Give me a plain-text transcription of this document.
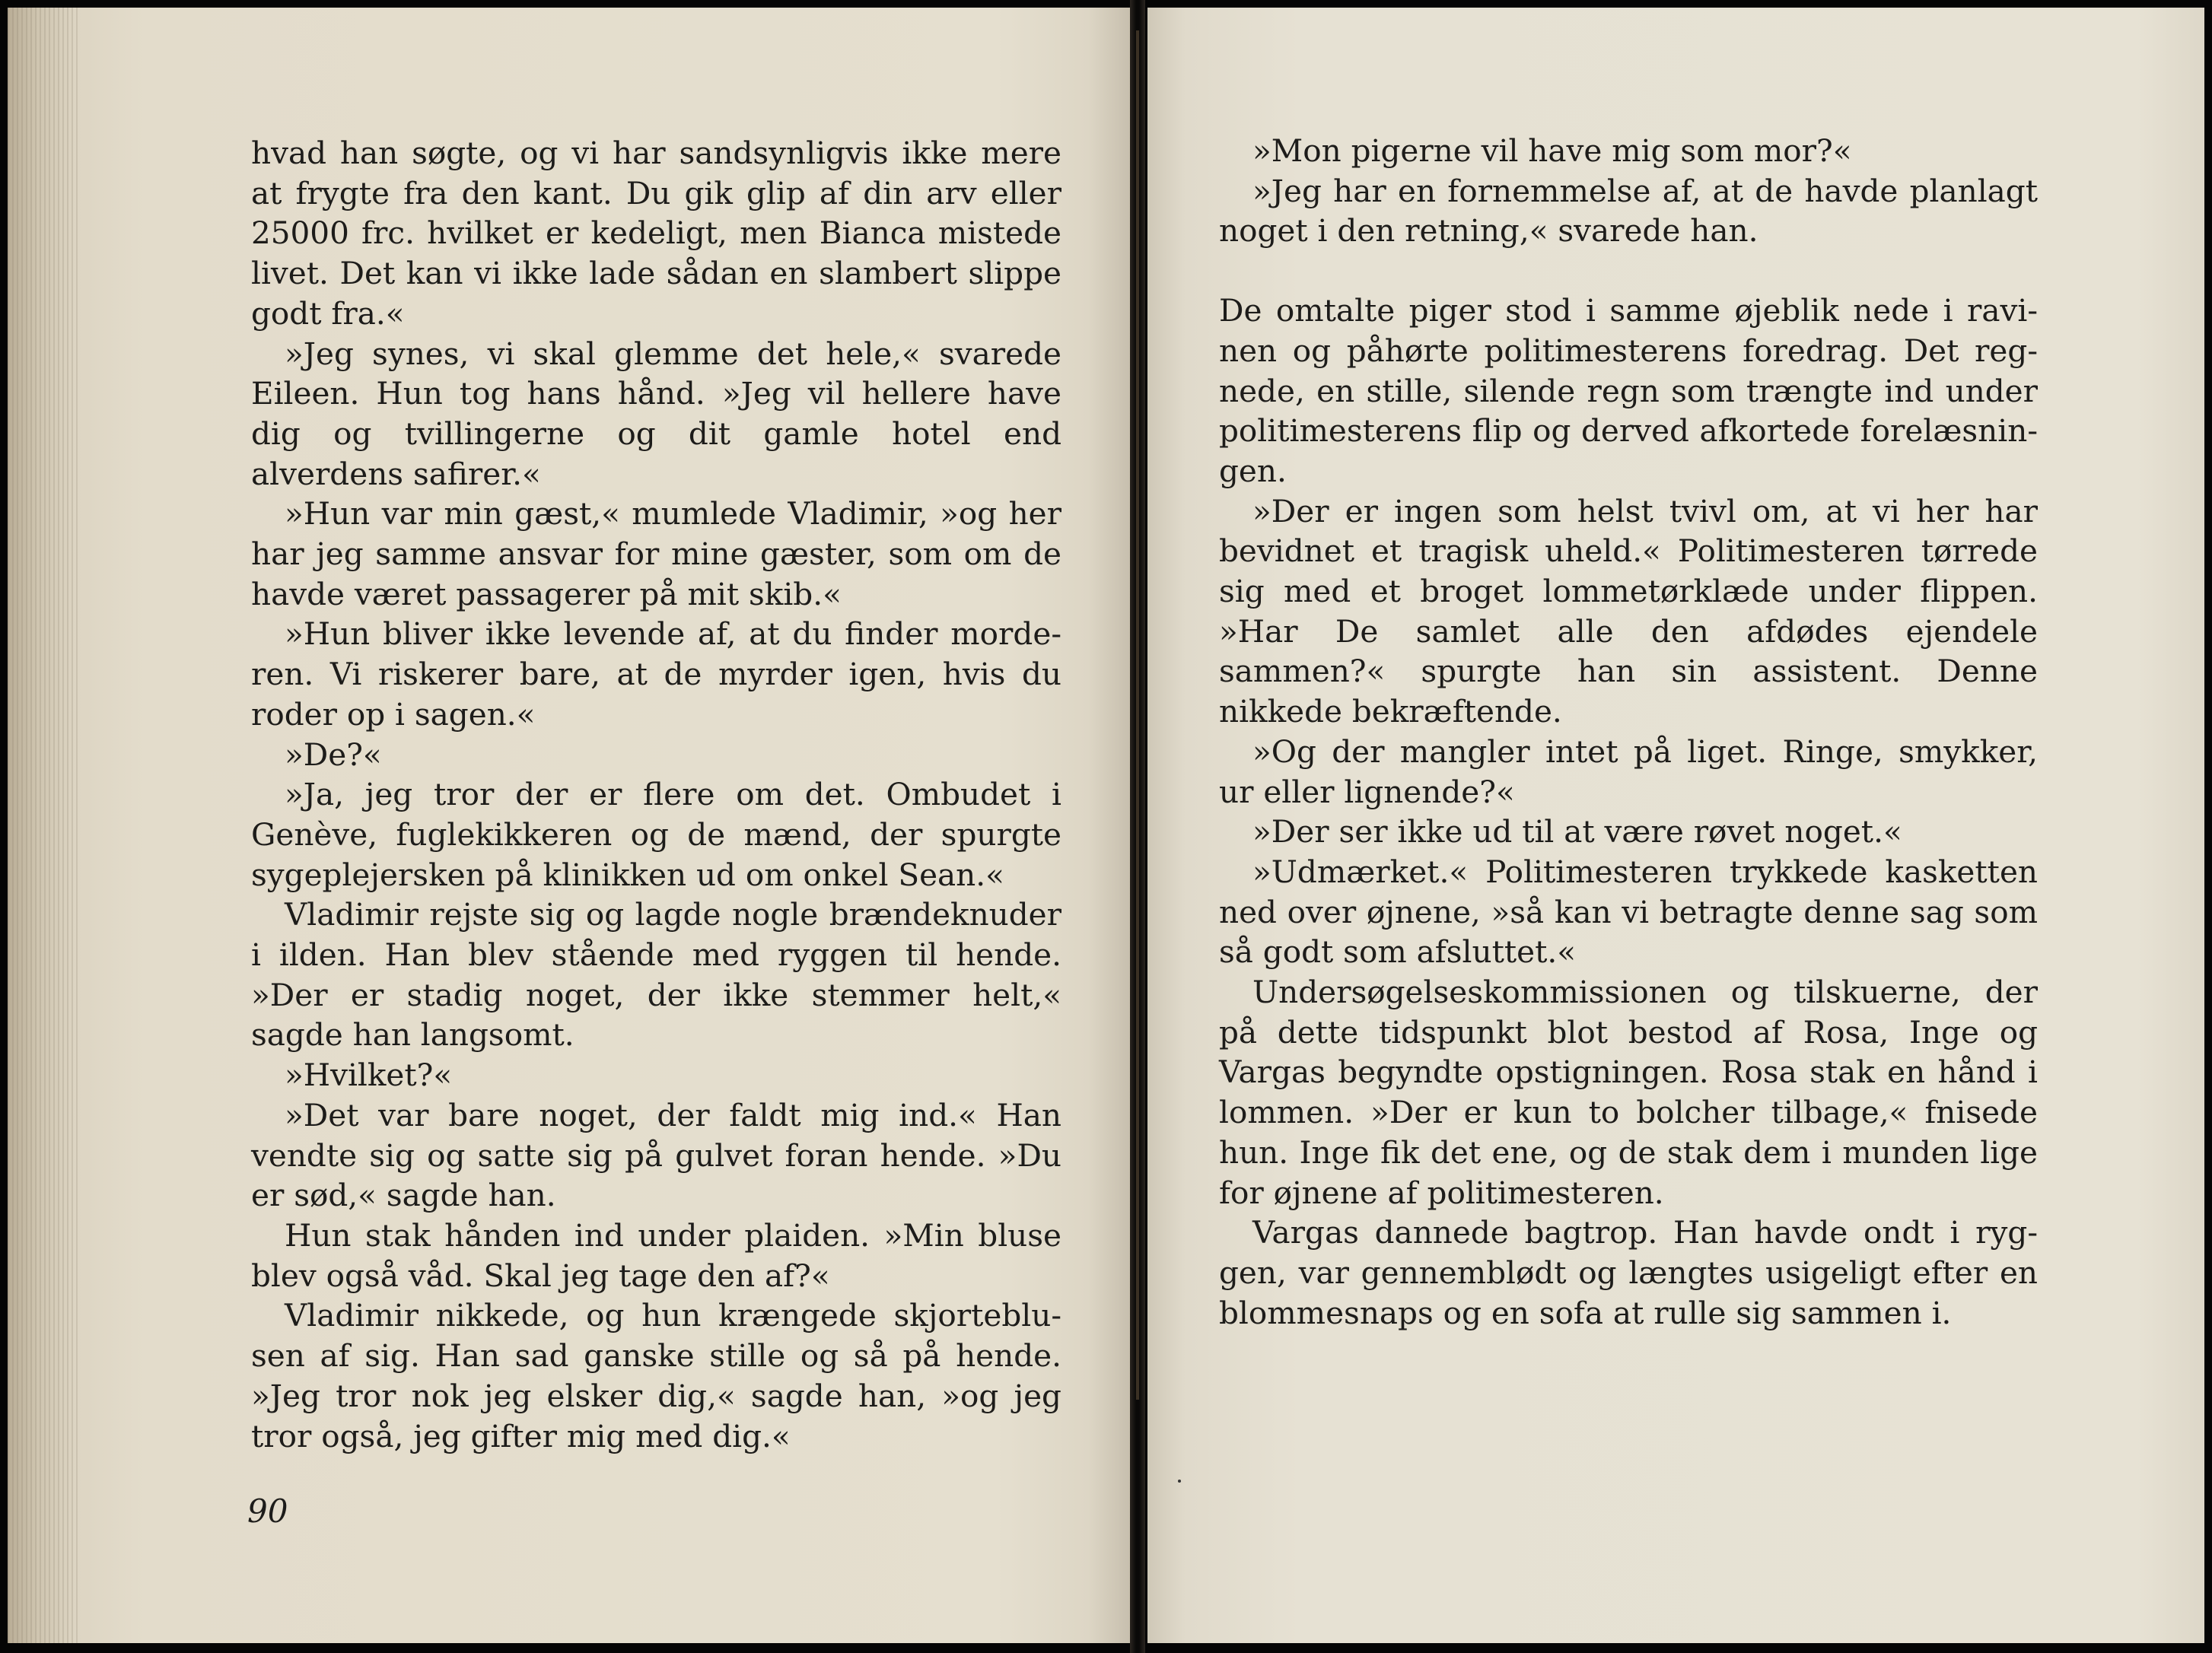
hvad han søgte, og vi har sandsynligvis ikke mere at frygte fra den kant. Du gik glip af din arv eller 25000 frc. hvilket er kedeligt, men Bianca mistede livet. Det kan vi ikke lade sådan en slambert slippe godt fra.«

»Jeg synes, vi skal glemme det hele,« svarede Eileen. Hun tog hans hånd. »Jeg vil hellere have dig og tvillingerne og dit gamle hotel end alverdens safirer.«

»Hun var min gæst,« mumlede Vladimir, »og her har jeg samme ansvar for mine gæster, som om de havde været passagerer på mit skib.«

»Hun bliver ikke levende af, at du finder morderen. Vi riskerer bare, at de myrder igen, hvis du roder op i sagen.«

»De?«

»Ja, jeg tror der er flere om det. Ombudet i Genève, fuglekikkeren og de mænd, der spurgte sygeplejersken på klinikken ud om onkel Sean.«

Vladimir rejste sig og lagde nogle brændeknuder i ilden. Han blev stående med ryggen til hende. »Der er stadig noget, der ikke stemmer helt,« sagde han langsomt.

»Hvilket?«

»Det var bare noget, der faldt mig ind.« Han vendte sig og satte sig på gulvet foran hende. »Du er sød,« sagde han.

Hun stak hånden ind under plaiden. »Min bluse blev også våd. Skal jeg tage den af?«

Vladimir nikkede, og hun krængede skjorteblusen af sig. Han sad ganske stille og så på hende. »Jeg tror nok jeg elsker dig,« sagde han, »og jeg tror også, jeg gifter mig med dig.«

90

»Mon pigerne vil have mig som mor?«

»Jeg har en fornemmelse af, at de havde planlagt noget i den retning,« svarede han.

De omtalte piger stod i samme øjeblik nede i ravinen og påhørte politimesterens foredrag. Det regnede, en stille, silende regn som trængte ind under politimesterens flip og derved afkortede forelæsningen.

»Der er ingen som helst tvivl om, at vi her har bevidnet et tragisk uheld.« Politimesteren tørrede sig med et broget lommetørklæde under flippen. »Har De samlet alle den afdødes ejendele sammen?« spurgte han sin assistent. Denne nikkede bekræftende.

»Og der mangler intet på liget. Ringe, smykker, ur eller lignende?«

»Der ser ikke ud til at være røvet noget.«

»Udmærket.« Politimesteren trykkede kasketten ned over øjnene, »så kan vi betragte denne sag som så godt som afsluttet.«

Undersøgelseskommissionen og tilskuerne, der på dette tidspunkt blot bestod af Rosa, Inge og Vargas begyndte opstigningen. Rosa stak en hånd i lommen. »Der er kun to bolcher tilbage,« fnisede hun. Inge fik det ene, og de stak dem i munden lige for øjnene af politimesteren.

Vargas dannede bagtrop. Han havde ondt i ryggen, var gennemblødt og længtes usigeligt efter en blommesnaps og en sofa at rulle sig sammen i.
